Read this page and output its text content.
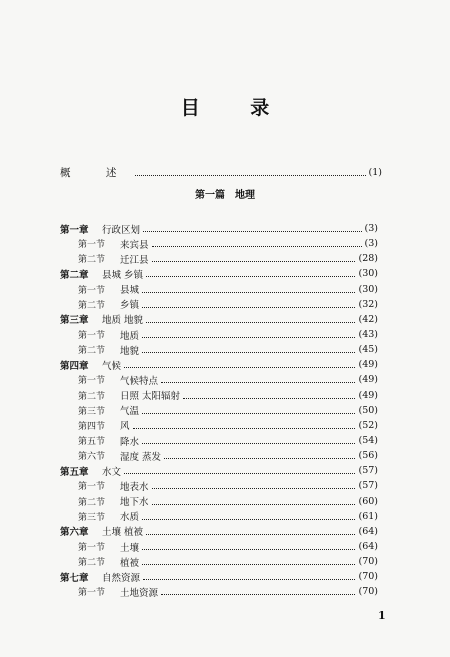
目 录
概 述	(1)
第一篇 地理
第一章	行政区划	(3)
第一节	来宾县	(3)
第二节	迁江县	(28)
第二章	县城 乡镇	(30)
第一节	县城	(30)
第二节	乡镇	(32)
第三章	地质 地貌	(42)
第一节	地质	(43)
第二节	地貌	(45)
第四章	气候	(49)
第一节	气候特点	(49)
第二节	日照 太阳辐射	(49)
第三节	气温	(50)
第四节	风	(52)
第五节	降水	(54)
第六节	湿度 蒸发	(56)
第五章	水文	(57)
第一节	地表水	(57)
第二节	地下水	(60)
第三节	水质	(61)
第六章	土壤 植被	(64)
第一节	土壤	(64)
第二节	植被	(70)
第七章	自然资源	(70)
第一节	土地资源	(70)
1
